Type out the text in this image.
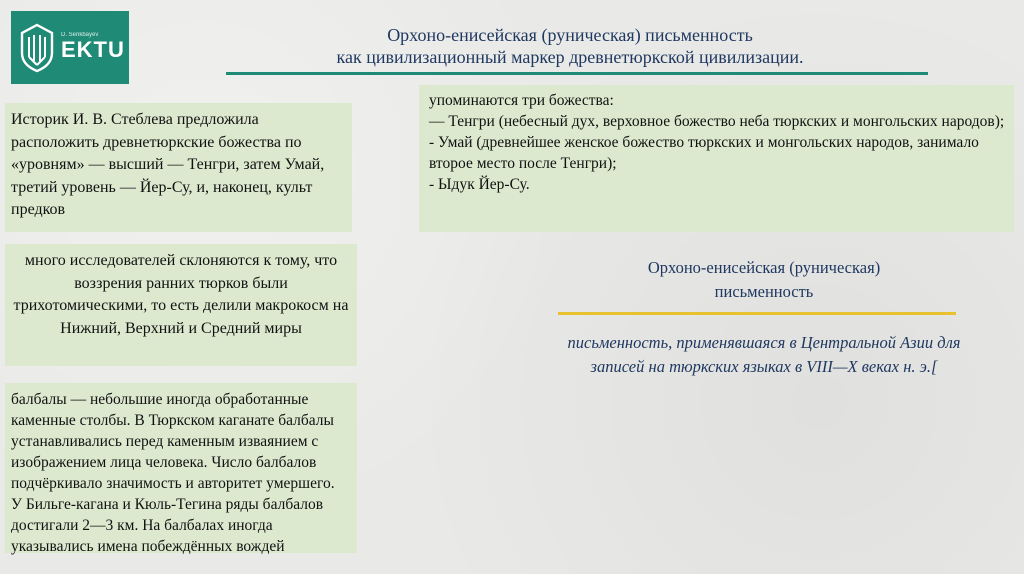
D. Serikbayev
EKTU
Орхоно-енисейская (руническая) письменность
как цивилизационный маркер древнетюркской цивилизации.
Историк И. В. Стеблева предложила расположить древнетюркские божества по «уровням» — высший — Тенгри, затем Умай, третий уровень — Йер-Су, и, наконец, культ предков

упоминаются три божества:

— Тенгри (небесный дух, верховное божество неба тюркских и монгольских народов);

- Умай (древнейшее женское божество тюркских и монгольских народов, занимало второе место после Тенгри);

- Ыдук Йер-Су.

много исследователей склоняются к тому, что воззрения ранних тюрков были трихотомическими, то есть делили макрокосм на Нижний, Верхний и Средний миры
балбалы — небольшие иногда обработанные каменные столбы. В Тюркском каганате балбалы устанавливались перед каменным изваянием с изображением лица человека. Число балбалов подчёркивало значимость и авторитет умершего. У Бильге-кагана и Кюль-Тегина ряды балбалов достигали 2—3 км. На балбалах иногда указывались имена побеждённых вождей
Орхоно-енисейская (руническая)
письменность
письменность, применявшаяся в Центральной Азии для записей на тюркских языках в VIII—X веках н. э.[
